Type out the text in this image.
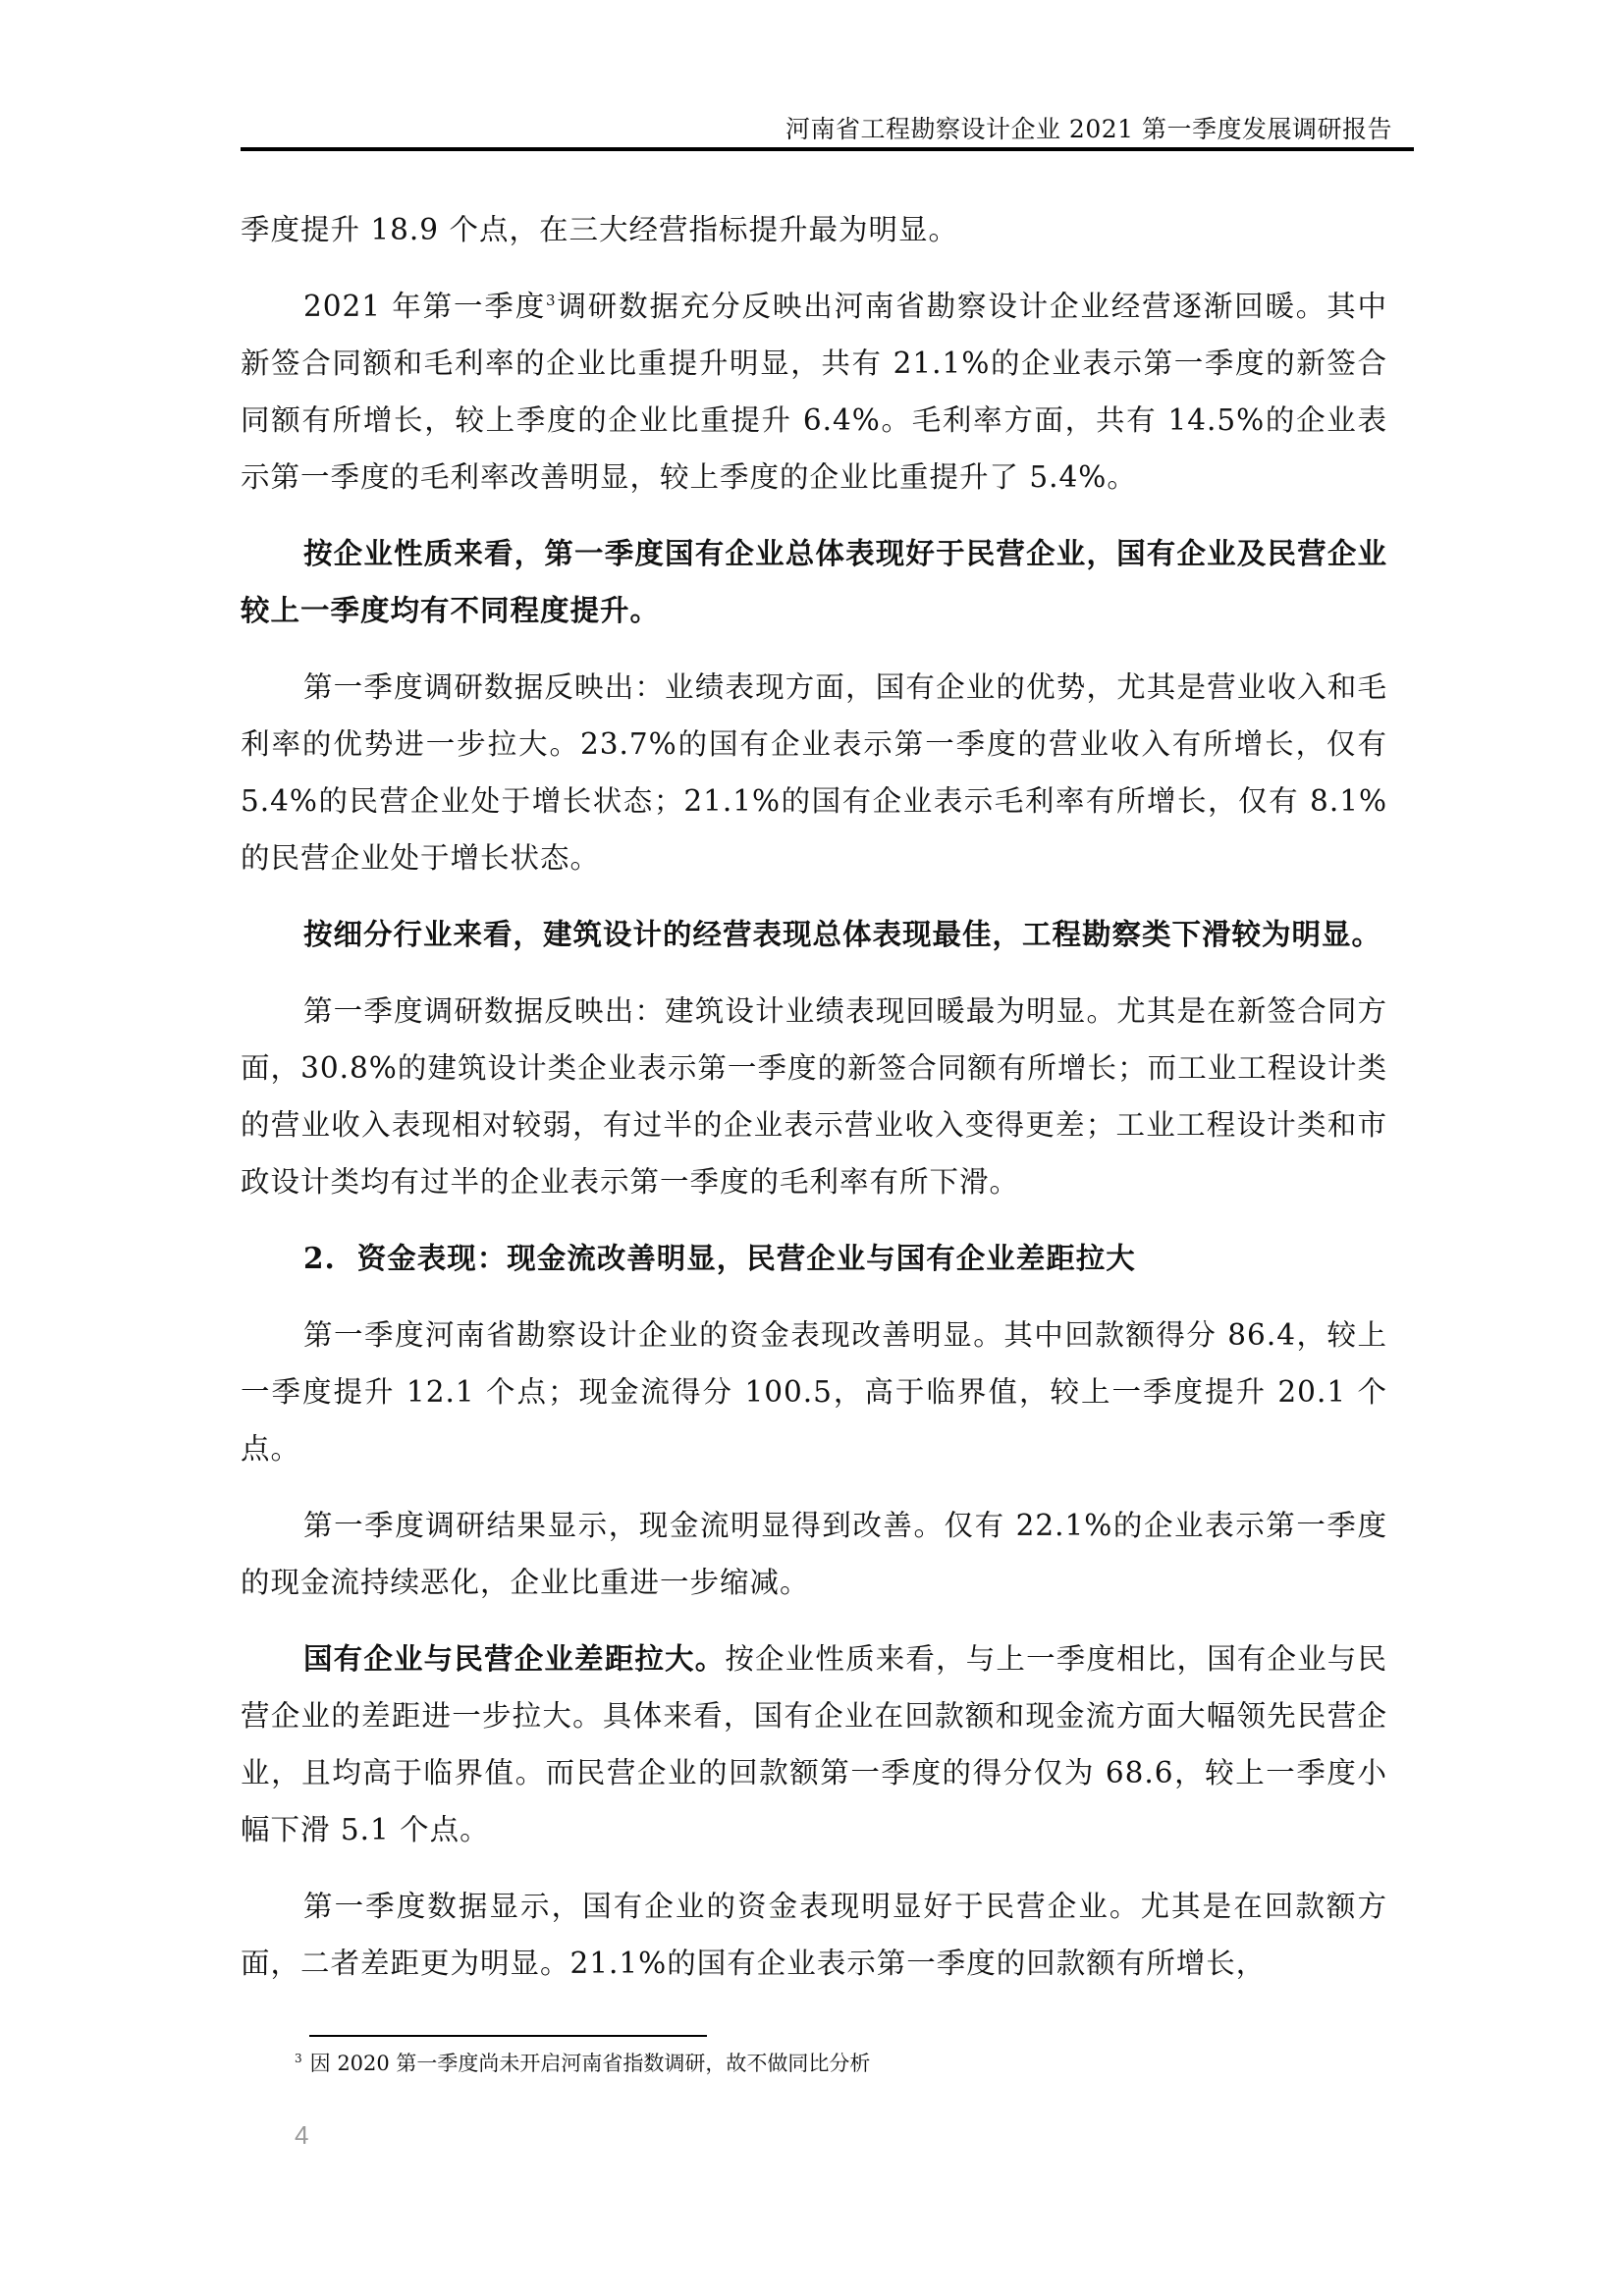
河南省工程勘察设计企业 2021 第一季度发展调研报告

季度提升 18.9 个点，在三大经营指标提升最为明显。

2021 年第一季度$^3$调研数据充分反映出河南省勘察设计企业经营逐渐回暖。其中新签合同额和毛利率的企业比重提升明显，共有 21.1%的企业表示第一季度的新签合同额有所增长，较上季度的企业比重提升 6.4%。毛利率方面，共有 14.5%的企业表示第一季度的毛利率改善明显，较上季度的企业比重提升了 5.4%。

按企业性质来看，第一季度国有企业总体表现好于民营企业，国有企业及民营企业较上一季度均有不同程度提升。

第一季度调研数据反映出：业绩表现方面，国有企业的优势，尤其是营业收入和毛利率的优势进一步拉大。23.7%的国有企业表示第一季度的营业收入有所增长，仅有 5.4%的民营企业处于增长状态；21.1%的国有企业表示毛利率有所增长，仅有 8.1%的民营企业处于增长状态。

按细分行业来看，建筑设计的经营表现总体表现最佳，工程勘察类下滑较为明显。

第一季度调研数据反映出：建筑设计业绩表现回暖最为明显。尤其是在新签合同方面，30.8%的建筑设计类企业表示第一季度的新签合同额有所增长；而工业工程设计类的营业收入表现相对较弱，有过半的企业表示营业收入变得更差；工业工程设计类和市政设计类均有过半的企业表示第一季度的毛利率有所下滑。

2. 资金表现：现金流改善明显，民营企业与国有企业差距拉大

第一季度河南省勘察设计企业的资金表现改善明显。其中回款额得分 86.4，较上一季度提升 12.1 个点；现金流得分 100.5，高于临界值，较上一季度提升 20.1 个点。

第一季度调研结果显示，现金流明显得到改善。仅有 22.1%的企业表示第一季度的现金流持续恶化，企业比重进一步缩减。

国有企业与民营企业差距拉大。按企业性质来看，与上一季度相比，国有企业与民营企业的差距进一步拉大。具体来看，国有企业在回款额和现金流方面大幅领先民营企业，且均高于临界值。而民营企业的回款额第一季度的得分仅为 68.6，较上一季度小幅下滑 5.1 个点。

第一季度数据显示，国有企业的资金表现明显好于民营企业。尤其是在回款额方面，二者差距更为明显。21.1%的国有企业表示第一季度的回款额有所增长，

$^3$ 因 2020 第一季度尚未开启河南省指数调研，故不做同比分析
4
